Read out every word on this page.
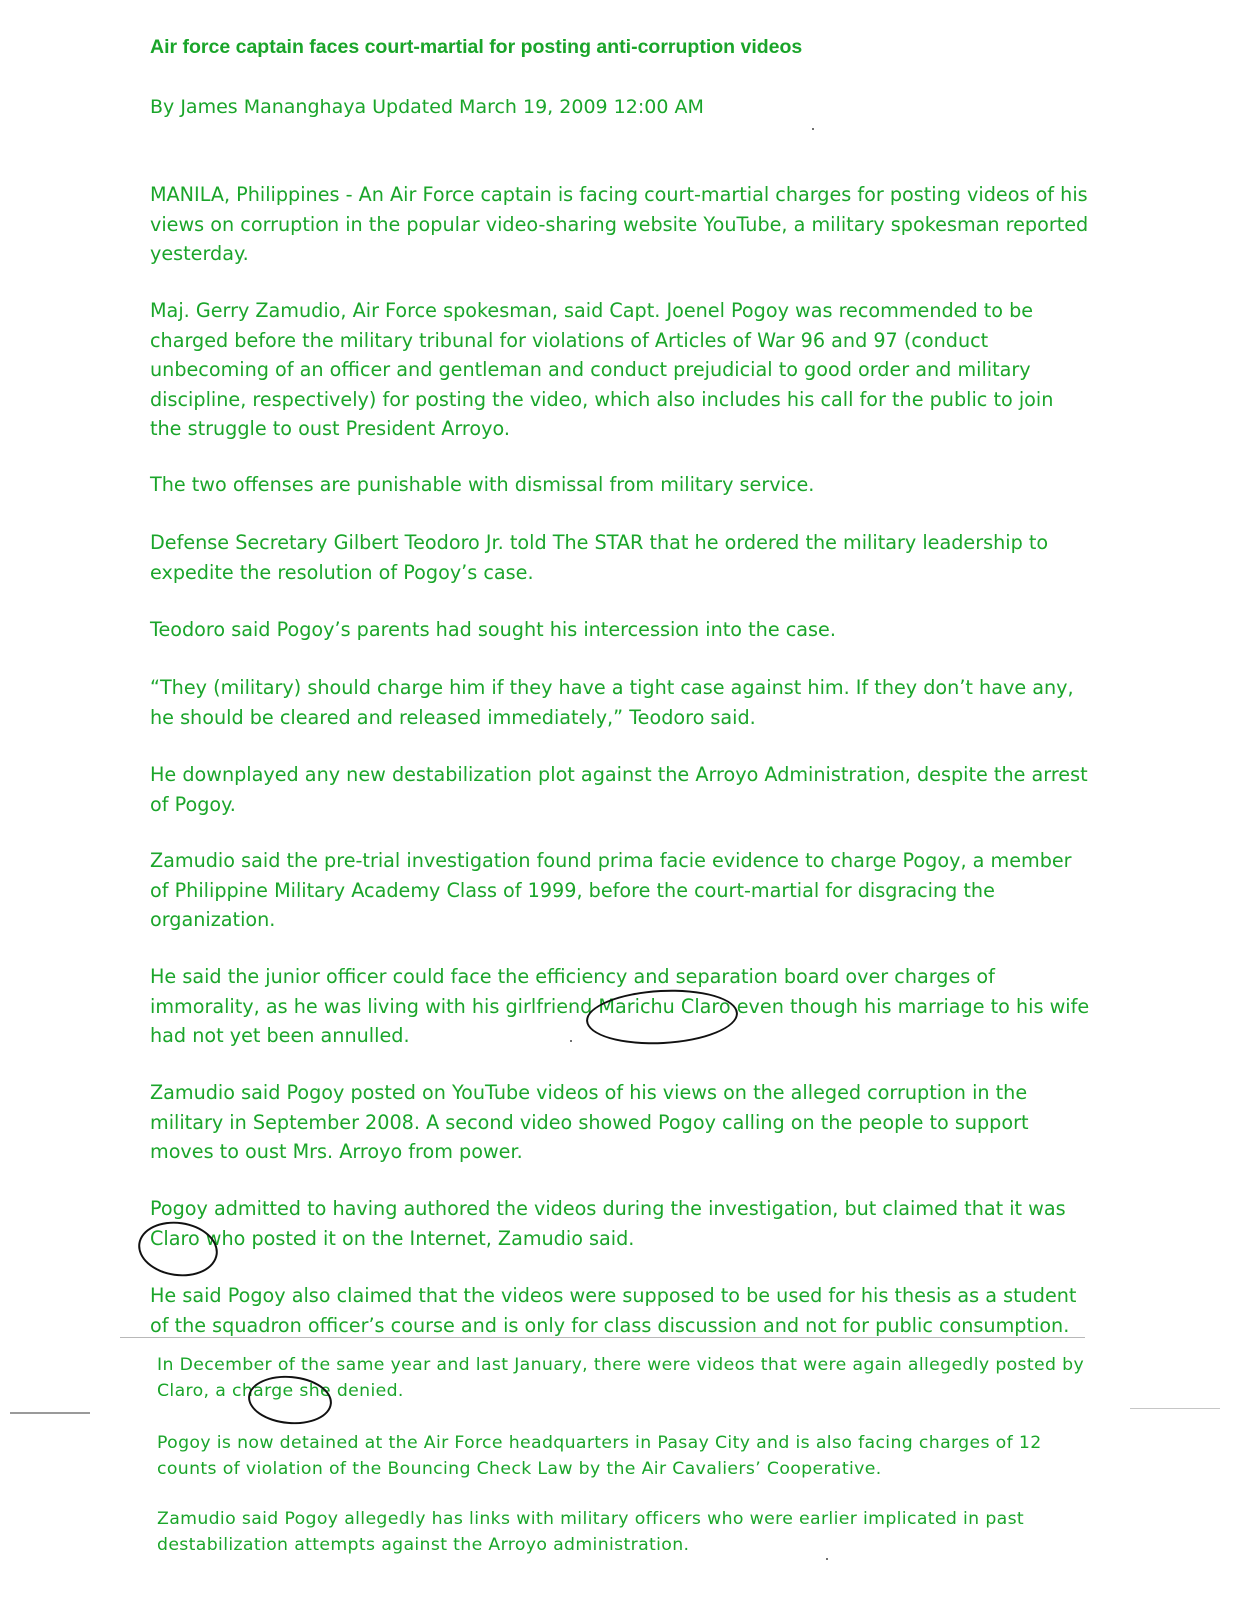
Air force captain faces court-martial for posting anti-corruption videos
By James Mananghaya Updated March 19, 2009 12:00 AM

MANILA, Philippines - An Air Force captain is facing court-martial charges for posting videos of his views on corruption in the popular video-sharing website YouTube, a military spokesman reported yesterday.

Maj. Gerry Zamudio, Air Force spokesman, said Capt. Joenel Pogoy was recommended to be charged before the military tribunal for violations of Articles of War 96 and 97 (conduct unbecoming of an officer and gentleman and conduct prejudicial to good order and military discipline, respectively) for posting the video, which also includes his call for the public to join the struggle to oust President Arroyo.

The two offenses are punishable with dismissal from military service.

Defense Secretary Gilbert Teodoro Jr. told The STAR that he ordered the military leadership to expedite the resolution of Pogoy’s case.

Teodoro said Pogoy’s parents had sought his intercession into the case.

“They (military) should charge him if they have a tight case against him. If they don’t have any, he should be cleared and released immediately,” Teodoro said.

He downplayed any new destabilization plot against the Arroyo Administration, despite the arrest of Pogoy.

Zamudio said the pre-trial investigation found prima facie evidence to charge Pogoy, a member of Philippine Military Academy Class of 1999, before the court-martial for disgracing the organization.

He said the junior officer could face the efficiency and separation board over charges of immorality, as he was living with his girlfriend Marichu Claro even though his marriage to his wife had not yet been annulled.

Zamudio said Pogoy posted on YouTube videos of his views on the alleged corruption in the military in September 2008. A second video showed Pogoy calling on the people to support moves to oust Mrs. Arroyo from power.

Pogoy admitted to having authored the videos during the investigation, but claimed that it was Claro who posted it on the Internet, Zamudio said.

He said Pogoy also claimed that the videos were supposed to be used for his thesis as a student of the squadron officer’s course and is only for class discussion and not for public consumption.

In December of the same year and last January, there were videos that were again allegedly posted by Claro, a charge she denied.

Pogoy is now detained at the Air Force headquarters in Pasay City and is also facing charges of 12 counts of violation of the Bouncing Check Law by the Air Cavaliers’ Cooperative.

Zamudio said Pogoy allegedly has links with military officers who were earlier implicated in past destabilization attempts against the Arroyo administration.
